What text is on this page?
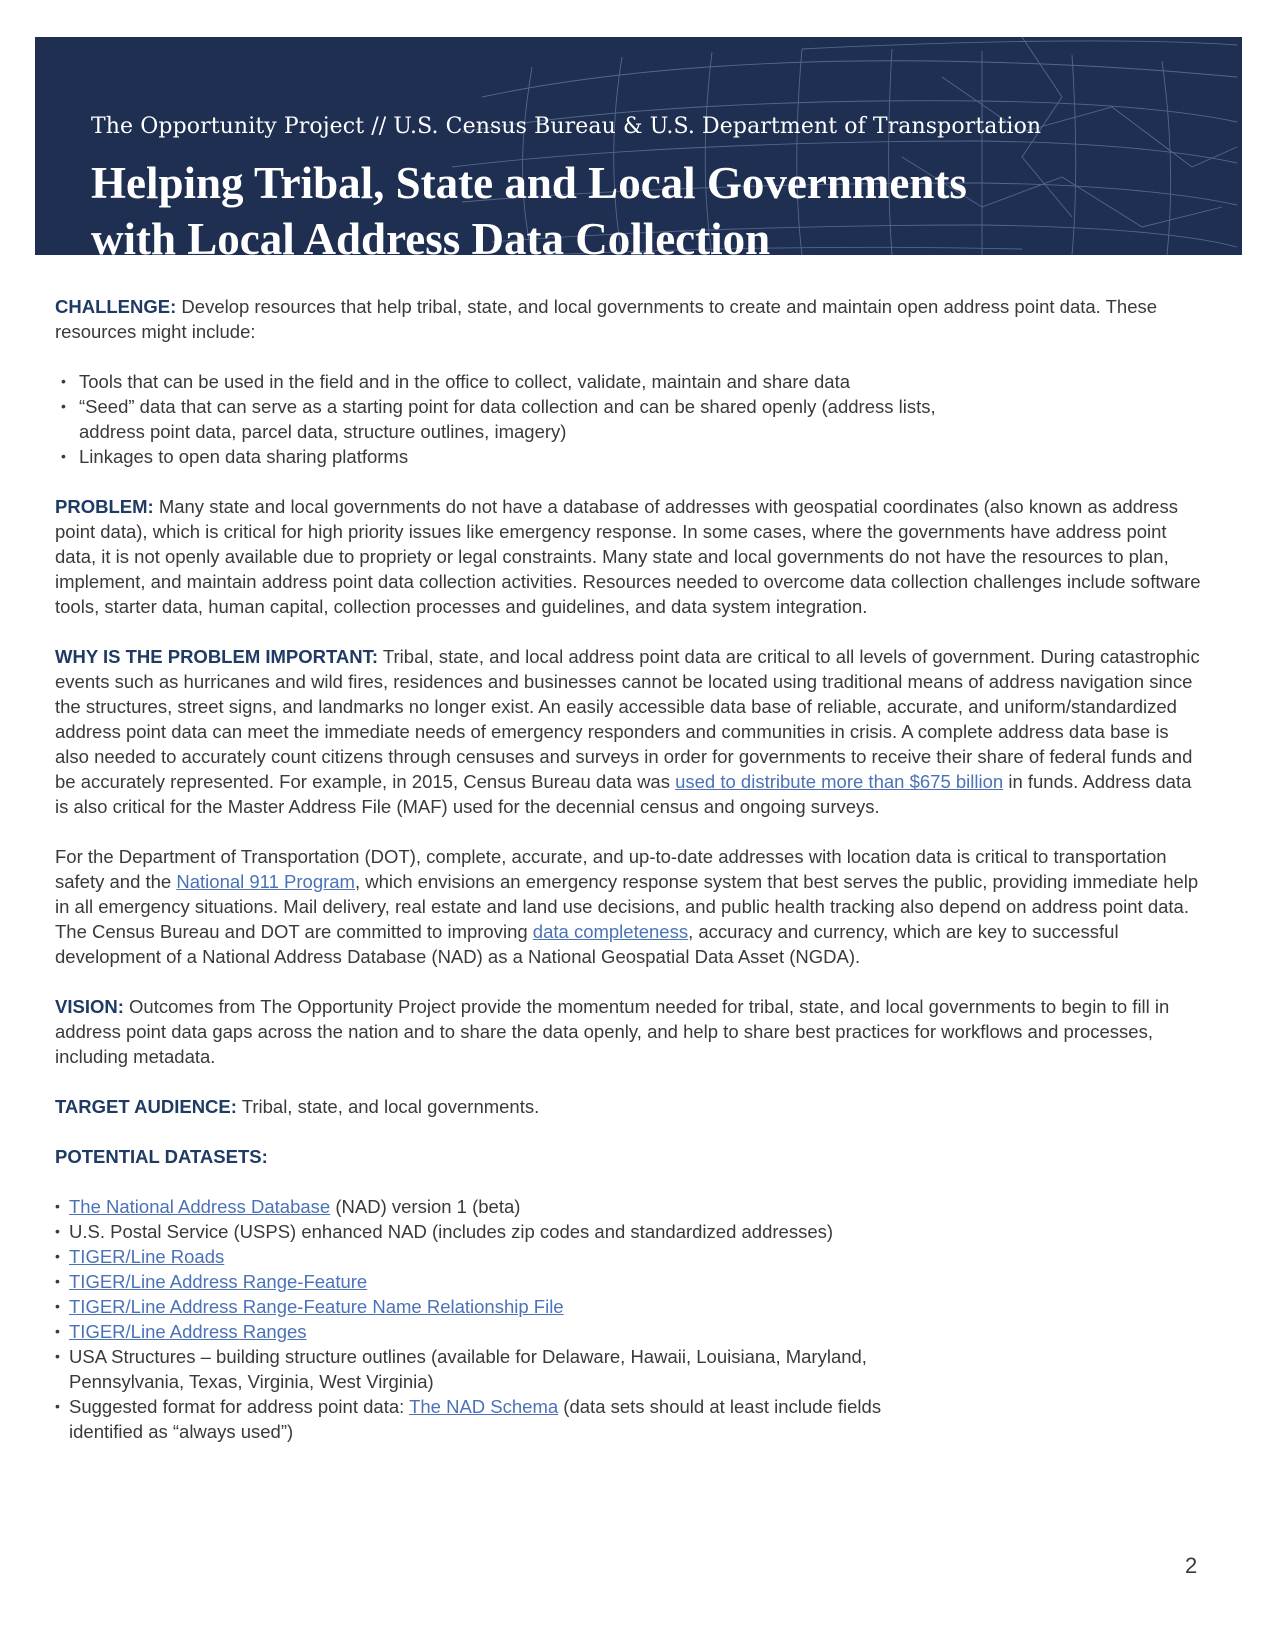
The Opportunity Project // U.S. Census Bureau & U.S. Department of Transportation
Helping Tribal, State and Local Governments
with Local Address Data Collection

CHALLENGE: Develop resources that help tribal, state, and local governments to create and maintain open address point data. These resources might include:

• Tools that can be used in the field and in the office to collect, validate, maintain and share data
• “Seed” data that can serve as a starting point for data collection and can be shared openly (address lists, address point data, parcel data, structure outlines, imagery)
• Linkages to open data sharing platforms

PROBLEM: Many state and local governments do not have a database of addresses with geospatial coordinates (also known as address point data), which is critical for high priority issues like emergency response. In some cases, where the governments have address point data, it is not openly available due to propriety or legal constraints. Many state and local governments do not have the resources to plan, implement, and maintain address point data collection activities. Resources needed to overcome data collection challenges include software tools, starter data, human capital, collection processes and guidelines, and data system integration.

WHY IS THE PROBLEM IMPORTANT: Tribal, state, and local address point data are critical to all levels of government. During catastrophic events such as hurricanes and wild fires, residences and businesses cannot be located using traditional means of address navigation since the structures, street signs, and landmarks no longer exist. An easily accessible data base of reliable, accurate, and uniform/standardized address point data can meet the immediate needs of emergency responders and communities in crisis. A complete address data base is also needed to accurately count citizens through censuses and surveys in order for governments to receive their share of federal funds and be accurately represented. For example, in 2015, Census Bureau data was used to distribute more than $675 billion in funds. Address data is also critical for the Master Address File (MAF) used for the decennial census and ongoing surveys.

For the Department of Transportation (DOT), complete, accurate, and up-to-date addresses with location data is critical to transportation safety and the National 911 Program, which envisions an emergency response system that best serves the public, providing immediate help in all emergency situations. Mail delivery, real estate and land use decisions, and public health tracking also depend on address point data. The Census Bureau and DOT are committed to improving data completeness, accuracy and currency, which are key to successful development of a National Address Database (NAD) as a National Geospatial Data Asset (NGDA).

VISION: Outcomes from The Opportunity Project provide the momentum needed for tribal, state, and local governments to begin to fill in address point data gaps across the nation and to share the data openly, and help to share best practices for workflows and processes, including metadata.

TARGET AUDIENCE: Tribal, state, and local governments.

POTENTIAL DATASETS:

• The National Address Database (NAD) version 1 (beta)
• U.S. Postal Service (USPS) enhanced NAD (includes zip codes and standardized addresses)
• TIGER/Line Roads
• TIGER/Line Address Range-Feature
• TIGER/Line Address Range-Feature Name Relationship File
• TIGER/Line Address Ranges
• USA Structures – building structure outlines (available for Delaware, Hawaii, Louisiana, Maryland, Pennsylvania, Texas, Virginia, West Virginia)
• Suggested format for address point data: The NAD Schema (data sets should at least include fields identified as “always used”)
2
